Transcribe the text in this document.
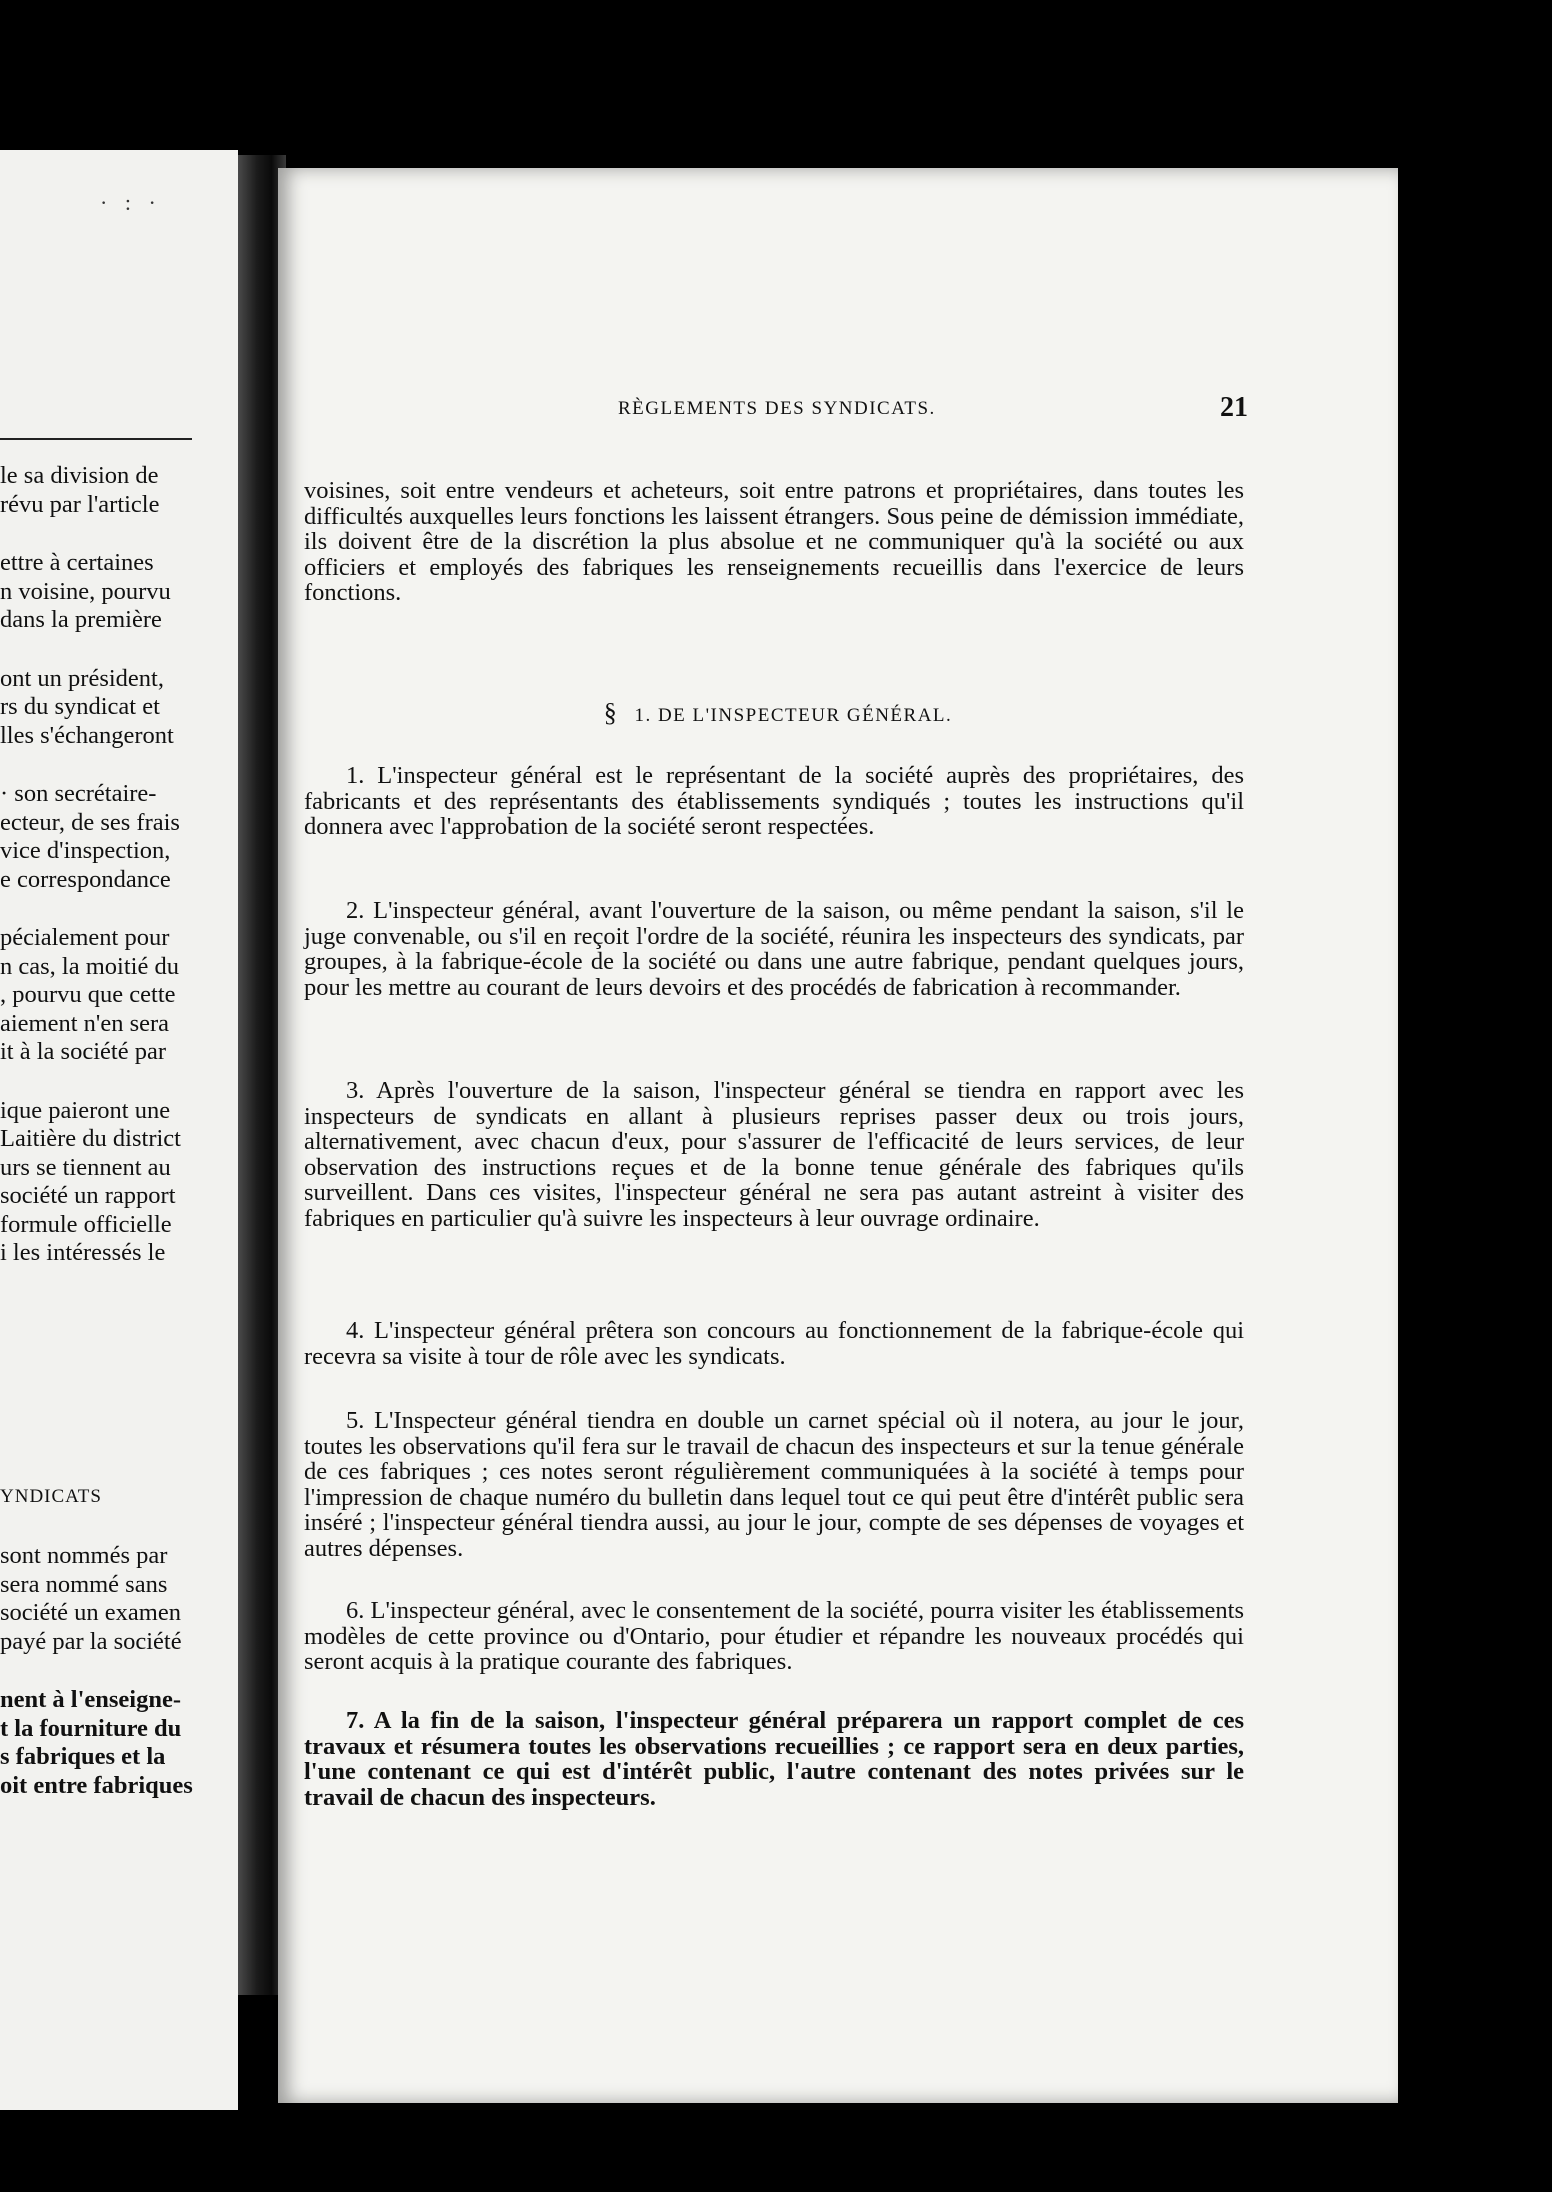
· : ·
le sa division de
révu par l'article
ettre à certaines
n voisine, pourvu
dans la première
ont un président,
rs du syndicat et
lles s'échangeront
· son secrétaire-
ecteur, de ses frais
vice d'inspection,
e correspondance
pécialement pour
n cas, la moitié du
, pourvu que cette
aiement n'en sera
it à la société par
ique paieront une
Laitière du district
urs se tiennent au
société un rapport
formule officielle
i les intéressés le
YNDICATS
sont nommés par
sera nommé sans
société un examen
payé par la société
nent à l'enseigne-
t la fourniture du
s fabriques et la
oit entre fabriques
RÈGLEMENTS DES SYNDICATS.	21

voisines, soit entre vendeurs et acheteurs, soit entre patrons et propriétaires, dans toutes les difficultés auxquelles leurs fonctions les laissent étrangers. Sous peine de démission immédiate, ils doivent être de la discrétion la plus absolue et ne communiquer qu'à la société ou aux officiers et employés des fabriques les renseignements recueillis dans l'exercice de leurs fonctions.

§ 1. DE L'INSPECTEUR GÉNÉRAL.

1. L'inspecteur général est le représentant de la société auprès des propriétaires, des fabricants et des représentants des établissements syndiqués ; toutes les instructions qu'il donnera avec l'approbation de la société seront respectées.

2. L'inspecteur général, avant l'ouverture de la saison, ou même pendant la saison, s'il le juge convenable, ou s'il en reçoit l'ordre de la société, réunira les inspecteurs des syndicats, par groupes, à la fabrique-école de la société ou dans une autre fabrique, pendant quelques jours, pour les mettre au courant de leurs devoirs et des procédés de fabrication à recommander.

3. Après l'ouverture de la saison, l'inspecteur général se tiendra en rapport avec les inspecteurs de syndicats en allant à plusieurs reprises passer deux ou trois jours, alternativement, avec chacun d'eux, pour s'assurer de l'efficacité de leurs services, de leur observation des instructions reçues et de la bonne tenue générale des fabriques qu'ils surveillent. Dans ces visites, l'inspecteur général ne sera pas autant astreint à visiter des fabriques en particulier qu'à suivre les inspecteurs à leur ouvrage ordinaire.

4. L'inspecteur général prêtera son concours au fonctionnement de la fabrique-école qui recevra sa visite à tour de rôle avec les syndicats.

5. L'Inspecteur général tiendra en double un carnet spécial où il notera, au jour le jour, toutes les observations qu'il fera sur le travail de chacun des inspecteurs et sur la tenue générale de ces fabriques ; ces notes seront régulièrement communiquées à la société à temps pour l'impression de chaque numéro du bulletin dans lequel tout ce qui peut être d'intérêt public sera inséré ; l'inspecteur général tiendra aussi, au jour le jour, compte de ses dépenses de voyages et autres dépenses.

6. L'inspecteur général, avec le consentement de la société, pourra visiter les établissements modèles de cette province ou d'Ontario, pour étudier et répandre les nouveaux procédés qui seront acquis à la pratique courante des fabriques.

7. A la fin de la saison, l'inspecteur général préparera un rapport complet de ces travaux et résumera toutes les observations recueillies ; ce rapport sera en deux parties, l'une contenant ce qui est d'intérêt public, l'autre contenant des notes privées sur le travail de chacun des inspecteurs.
